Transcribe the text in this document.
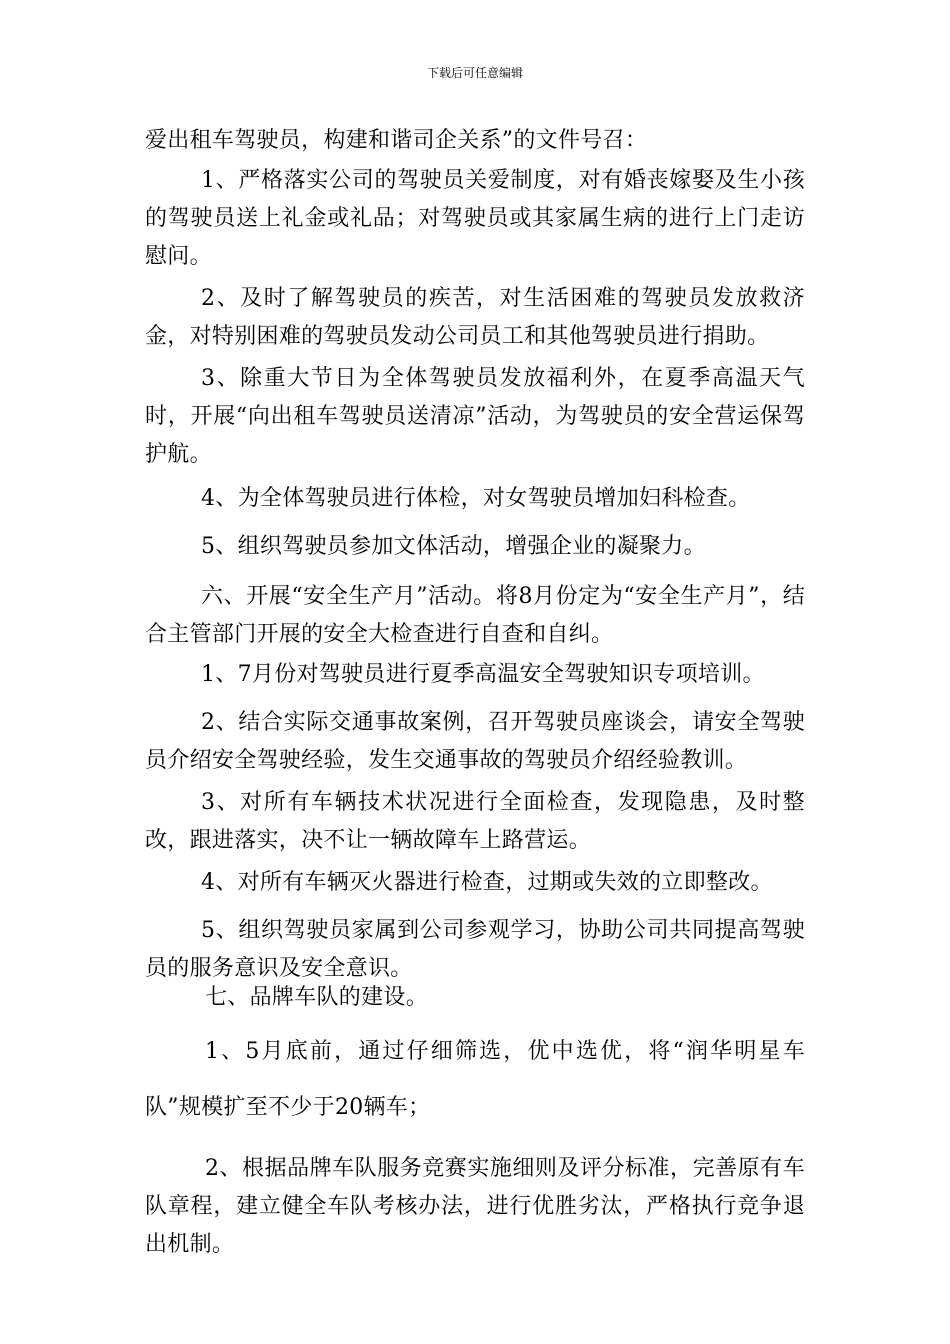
下载后可任意编辑

爱出租车驾驶员，构建和谐司企关系”的文件号召：

1、严格落实公司的驾驶员关爱制度，对有婚丧嫁娶及生小孩的驾驶员送上礼金或礼品；对驾驶员或其家属生病的进行上门走访慰问。

2、及时了解驾驶员的疾苦，对生活困难的驾驶员发放救济金，对特别困难的驾驶员发动公司员工和其他驾驶员进行捐助。

3、除重大节日为全体驾驶员发放福利外，在夏季高温天气时，开展“向出租车驾驶员送清凉”活动，为驾驶员的安全营运保驾护航。

4、为全体驾驶员进行体检，对女驾驶员增加妇科检查。

5、组织驾驶员参加文体活动，增强企业的凝聚力。

六、开展“安全生产月”活动。将8月份定为“安全生产月”，结合主管部门开展的安全大检查进行自查和自纠。

1、7月份对驾驶员进行夏季高温安全驾驶知识专项培训。

2、结合实际交通事故案例，召开驾驶员座谈会，请安全驾驶员介绍安全驾驶经验，发生交通事故的驾驶员介绍经验教训。

3、对所有车辆技术状况进行全面检查，发现隐患，及时整改，跟进落实，决不让一辆故障车上路营运。

4、对所有车辆灭火器进行检查，过期或失效的立即整改。

5、组织驾驶员家属到公司参观学习，协助公司共同提高驾驶员的服务意识及安全意识。

七、品牌车队的建设。

1、5月底前，通过仔细筛选，优中选优，将“润华明星车队”规模扩至不少于20辆车；

2、根据品牌车队服务竞赛实施细则及评分标准，完善原有车队章程，建立健全车队考核办法，进行优胜劣汰，严格执行竞争退出机制。
